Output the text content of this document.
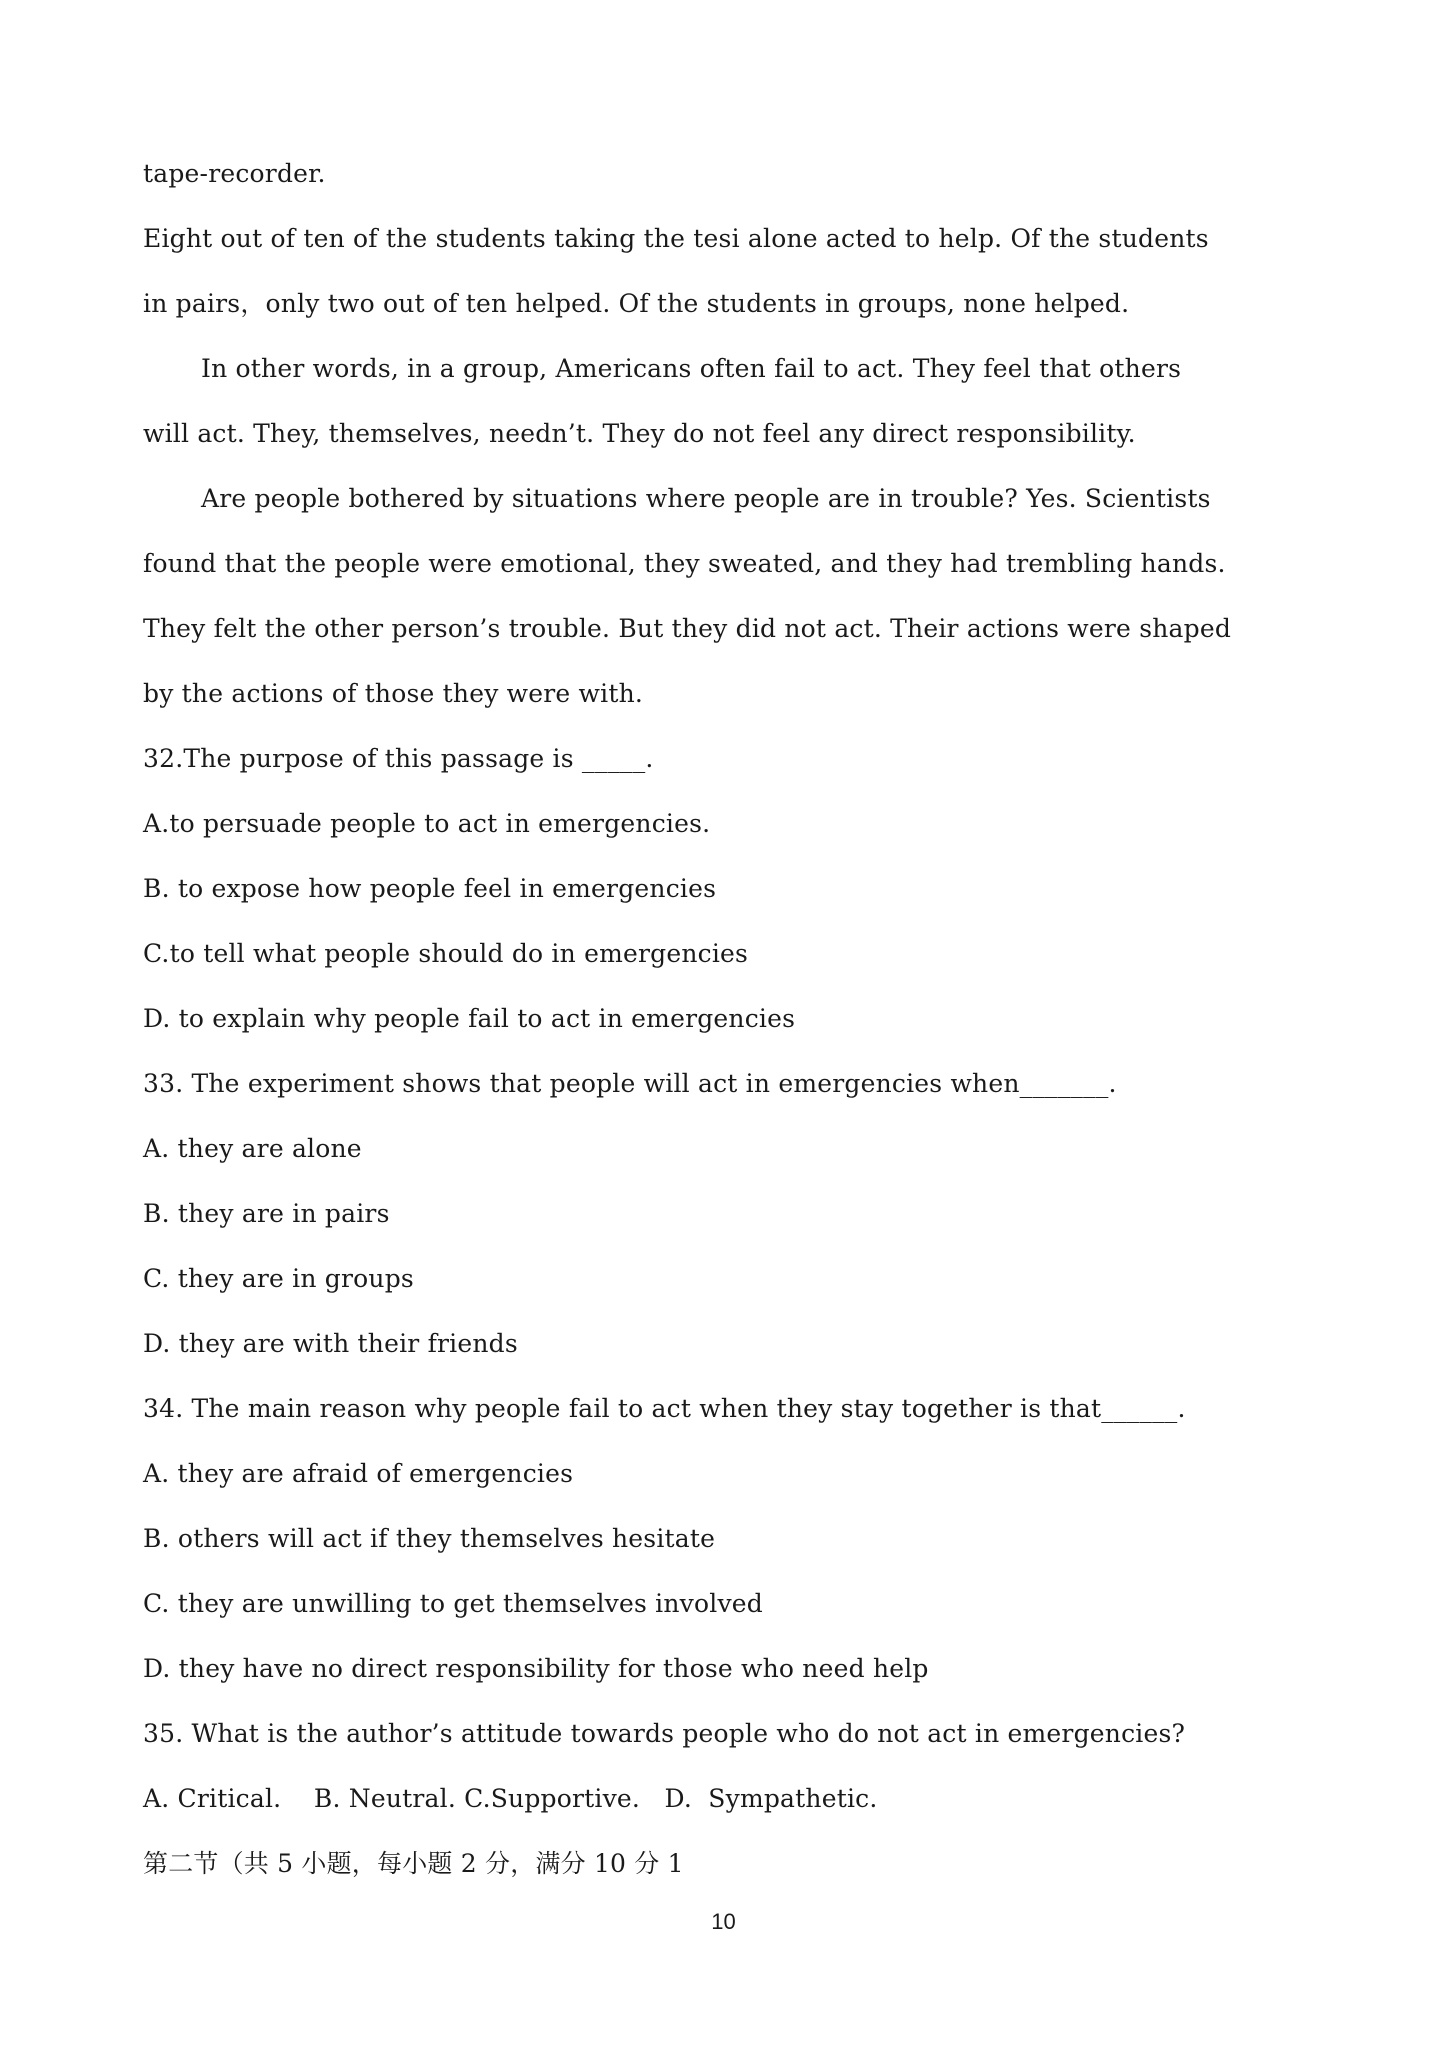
tape-recorder.
Eight out of ten of the students taking the tesi alone acted to help. Of the students
in pairs，only two out of ten helped. Of the students in groups, none helped.
In other words, in a group, Americans often fail to act. They feel that others
will act. They, themselves, needn’t. They do not feel any direct responsibility.
Are people bothered by situations where people are in trouble? Yes. Scientists
found that the people were emotional, they sweated, and they had trembling hands.
They felt the other person’s trouble. But they did not act. Their actions were shaped
by the actions of those they were with.
32.The purpose of this passage is _____.
A.to persuade people to act in emergencies.
B. to expose how people feel in emergencies
C.to tell what people should do in emergencies
D. to explain why people fail to act in emergencies
33. The experiment shows that people will act in emergencies when_______.
A. they are alone
B. they are in pairs
C. they are in groups
D. they are with their friends
34. The main reason why people fail to act when they stay together is that______.
A. they are afraid of emergencies
B. others will act if they themselves hesitate
C. they are unwilling to get themselves involved
D. they have no direct responsibility for those who need help
35. What is the author’s attitude towards people who do not act in emergencies?
A. Critical.    B. Neutral. C.Supportive.   D.  Sympathetic.
第二节（共 5 小题，每小题 2 分，满分 10 分 1
10
